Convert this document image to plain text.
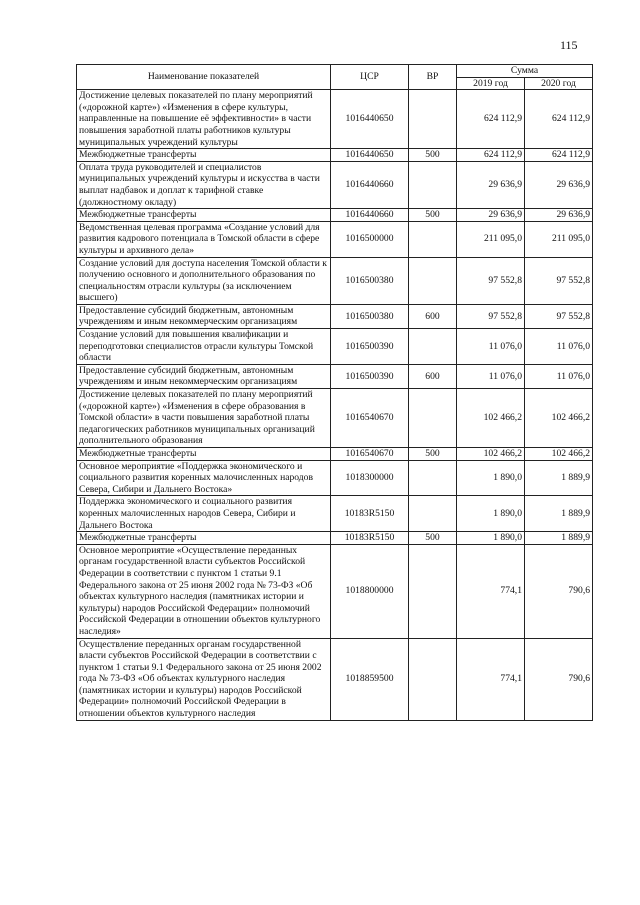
115
Наименование показателей	ЦСР	ВР	Сумма	
			2019 год	2020 год
Достижение целевых показателей по плану мероприятий («дорожной карте») «Изменения в сфере культуры, направленные на повышение её эффективности» в части повышения заработной платы работников культуры муниципальных учреждений культуры	1016440650		624 112,9	624 112,9
Межбюджетные трансферты	1016440650	500	624 112,9	624 112,9
Оплата труда руководителей и специалистов муниципальных учреждений культуры и искусства в части выплат надбавок и доплат к тарифной ставке (должностному окладу)	1016440660		29 636,9	29 636,9
Межбюджетные трансферты	1016440660	500	29 636,9	29 636,9
Ведомственная целевая программа «Создание условий для развития кадрового потенциала в Томской области в сфере культуры и архивного дела»	1016500000		211 095,0	211 095,0
Создание условий для доступа населения Томской области к получению основного и дополнительного образования по специальностям отрасли культуры (за исключением высшего)	1016500380		97 552,8	97 552,8
Предоставление субсидий бюджетным, автономным учреждениям и иным некоммерческим организациям	1016500380	600	97 552,8	97 552,8
Создание условий для повышения квалификации и переподготовки специалистов отрасли культуры Томской области	1016500390		11 076,0	11 076,0
Предоставление субсидий бюджетным, автономным учреждениям и иным некоммерческим организациям	1016500390	600	11 076,0	11 076,0
Достижение целевых показателей по плану мероприятий («дорожной карте») «Изменения в сфере образования в Томской области» в части повышения заработной платы педагогических работников муниципальных организаций дополнительного образования	1016540670		102 466,2	102 466,2
Межбюджетные трансферты	1016540670	500	102 466,2	102 466,2
Основное мероприятие «Поддержка экономического и социального развития коренных малочисленных народов Севера, Сибири и Дальнего Востока»	1018300000		1 890,0	1 889,9
Поддержка экономического и социального развития коренных малочисленных народов Севера, Сибири и Дальнего Востока	10183R5150		1 890,0	1 889,9
Межбюджетные трансферты	10183R5150	500	1 890,0	1 889,9
Основное мероприятие «Осуществление переданных органам государственной власти субъектов Российской Федерации в соответствии с пунктом 1 статьи 9.1 Федерального закона от 25 июня 2002 года № 73-ФЗ «Об объектах культурного наследия (памятниках истории и культуры) народов Российской Федерации» полномочий Российской Федерации в отношении объектов культурного наследия»	1018800000		774,1	790,6
Осуществление переданных органам государственной власти субъектов Российской Федерации в соответствии с пунктом 1 статьи 9.1 Федерального закона от 25 июня 2002 года № 73-ФЗ «Об объектах культурного наследия (памятниках истории и культуры) народов Российской Федерации» полномочий Российской Федерации в отношении объектов культурного наследия	1018859500		774,1	790,6
